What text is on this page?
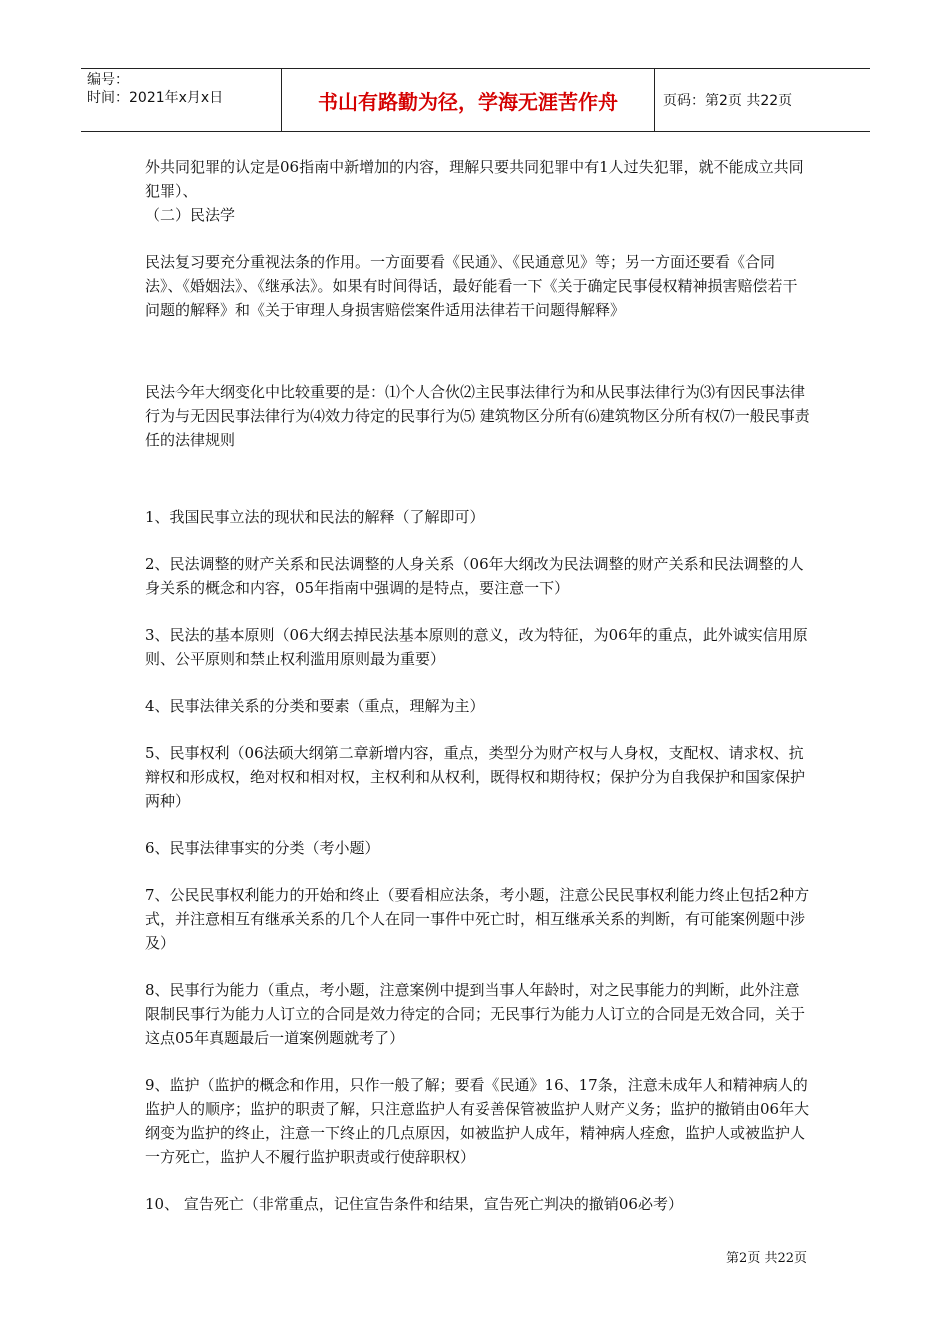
编号：
时间：2021年x月x日	书山有路勤为径，学海无涯苦作舟	页码：第2页 共22页

外共同犯罪的认定是06指南中新增加的内容，理解只要共同犯罪中有1人过失犯罪，就不能成立共同犯罪）、

（二）民法学

民法复习要充分重视法条的作用。一方面要看《民通》、《民通意见》等；另一方面还要看《合同法》、《婚姻法》、《继承法》。如果有时间得话，最好能看一下《关于确定民事侵权精神损害赔偿若干问题的解释》和《关于审理人身损害赔偿案件适用法律若干问题得解释》

民法今年大纲变化中比较重要的是：⑴个人合伙⑵主民事法律行为和从民事法律行为⑶有因民事法律行为与无因民事法律行为⑷效力待定的民事行为⑸ 建筑物区分所有⑹建筑物区分所有权⑺一般民事责任的法律规则

1、我国民事立法的现状和民法的解释（了解即可）

2、民法调整的财产关系和民法调整的人身关系（06年大纲改为民法调整的财产关系和民法调整的人身关系的概念和内容，05年指南中强调的是特点，要注意一下）

3、民法的基本原则（06大纲去掉民法基本原则的意义，改为特征，为06年的重点，此外诚实信用原则、公平原则和禁止权利滥用原则最为重要）

4、民事法律关系的分类和要素（重点，理解为主）

5、民事权利（06法硕大纲第二章新增内容，重点，类型分为财产权与人身权，支配权、请求权、抗辩权和形成权，绝对权和相对权，主权利和从权利，既得权和期待权；保护分为自我保护和国家保护两种）

6、民事法律事实的分类（考小题）

7、公民民事权利能力的开始和终止（要看相应法条，考小题，注意公民民事权利能力终止包括2种方式，并注意相互有继承关系的几个人在同一事件中死亡时，相互继承关系的判断，有可能案例题中涉及）

8、民事行为能力（重点，考小题，注意案例中提到当事人年龄时，对之民事能力的判断，此外注意限制民事行为能力人订立的合同是效力待定的合同；无民事行为能力人订立的合同是无效合同，关于这点05年真题最后一道案例题就考了）

9、监护（监护的概念和作用，只作一般了解；要看《民通》16、17条，注意未成年人和精神病人的监护人的顺序；监护的职责了解，只注意监护人有妥善保管被监护人财产义务；监护的撤销由06年大纲变为监护的终止，注意一下终止的几点原因，如被监护人成年，精神病人痊愈，监护人或被监护人一方死亡，监护人不履行监护职责或行使辞职权）

10、 宣告死亡（非常重点，记住宣告条件和结果，宣告死亡判决的撤销06必考）

第2页 共22页
